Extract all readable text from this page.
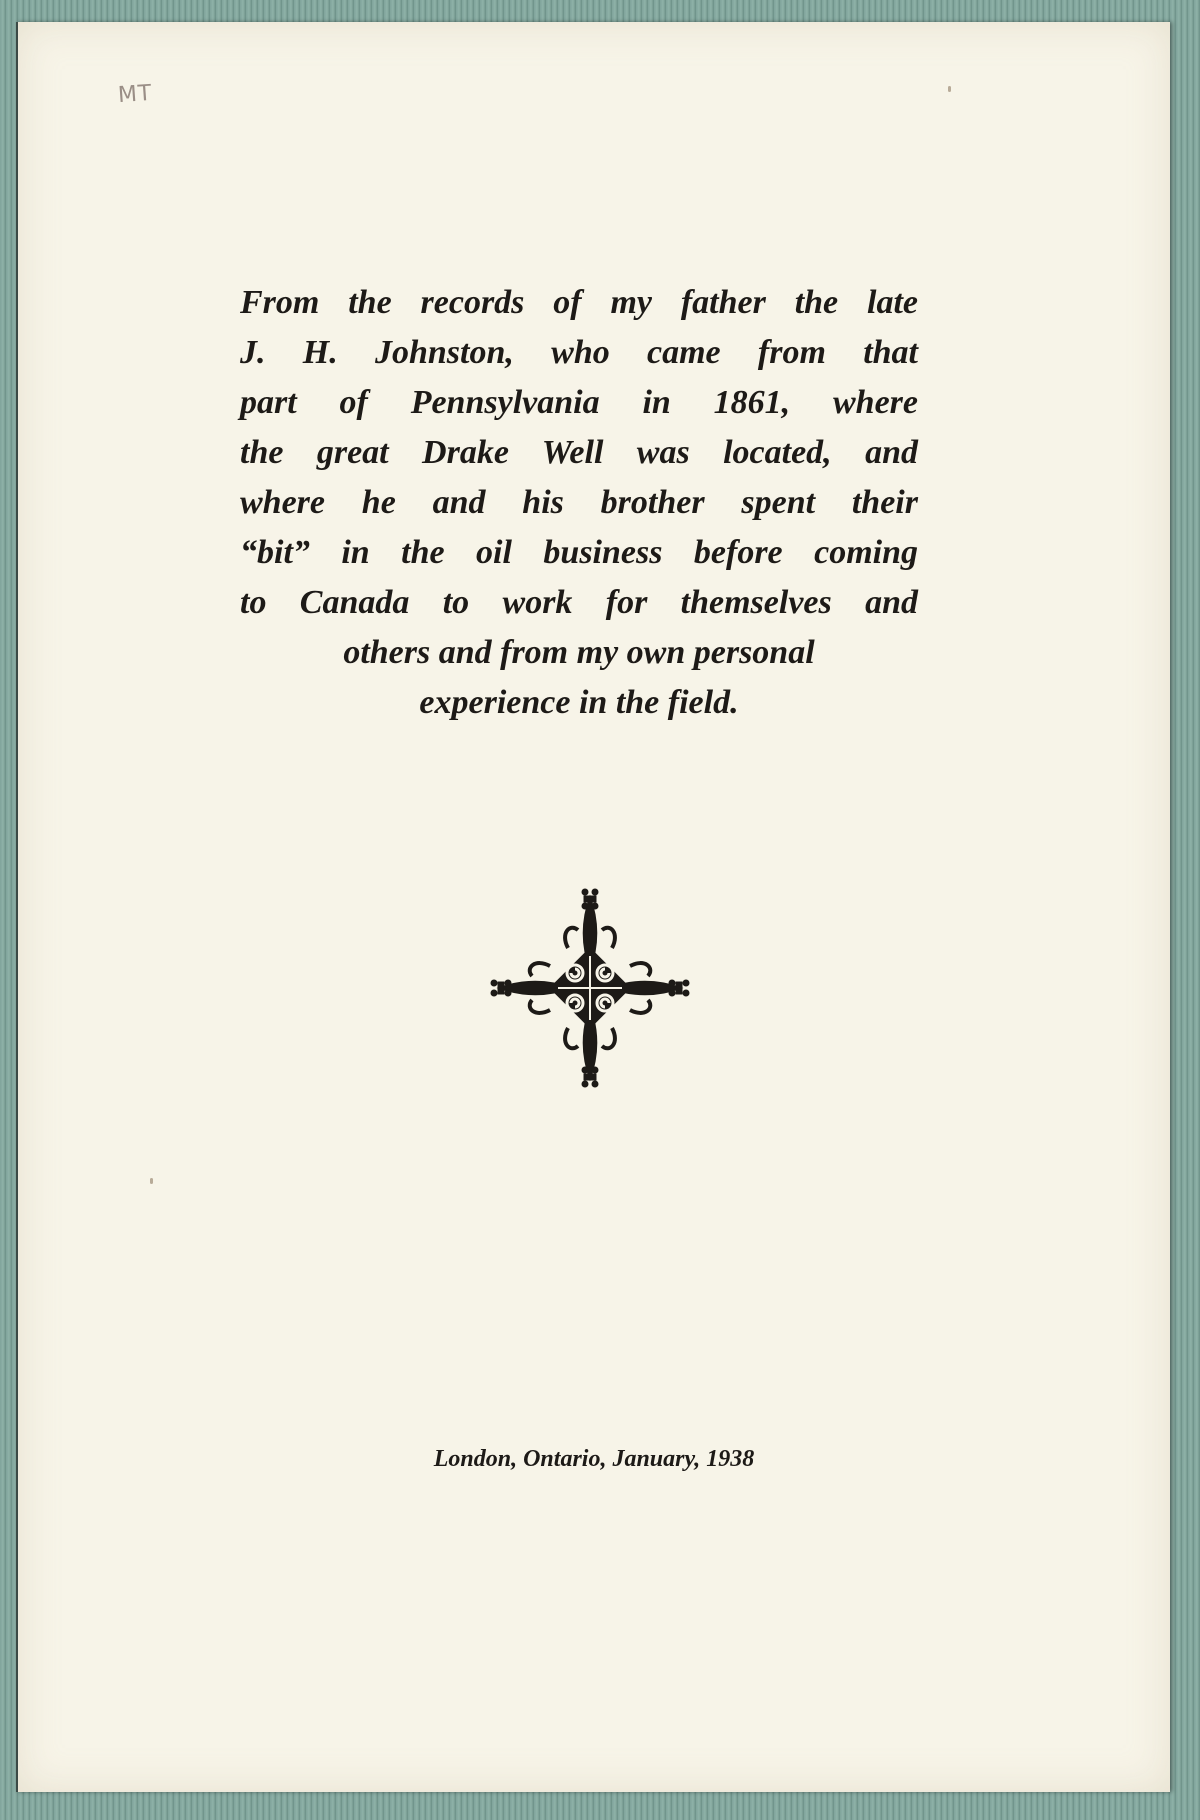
MT
From the records of my father the late
J. H. Johnston, who came from that
part of Pennsylvania in 1861, where
the great Drake Well was located, and
where he and his brother spent their
“bit” in the oil business before coming
to Canada to work for themselves and
others and from my own personal
experience in the field.
London, Ontario, January, 1938
